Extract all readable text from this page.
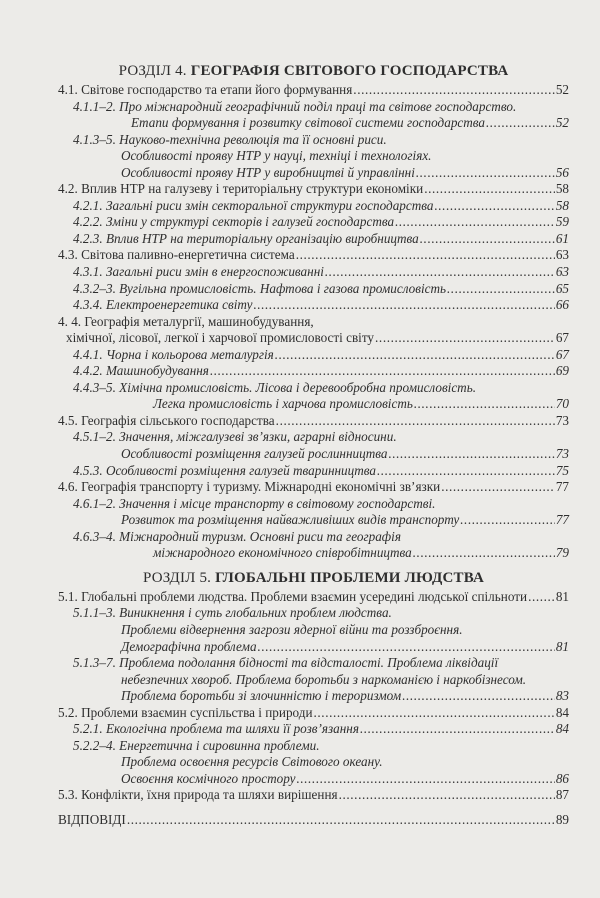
РОЗДІЛ 4. ГЕОГРАФІЯ СВІТОВОГО ГОСПОДАРСТВА
4.1. Світове господарство та етапи його формування .....	52
4.1.1–2. Про міжнародний географічний поділ праці та світове господарство.
Етапи формування і розвитку світової системи господарства .....	52
4.1.3–5. Науково-технічна революція та її основні риси.
Особливості прояву НТР у науці, техніці і технологіях.
Особливості прояву НТР у виробництві й управлінні .....	56
4.2. Вплив НТР на галузеву і територіальну структури економіки .....	58
4.2.1. Загальні риси змін секторальної структури господарства .....	58
4.2.2. Зміни у структурі секторів і галузей господарства .....	59
4.2.3. Вплив НТР на територіальну організацію виробництва .....	61
4.3. Світова паливно-енергетична система .....	63
4.3.1. Загальні риси змін в енергоспоживанні .....	63
4.3.2–3. Вугільна промисловість. Нафтова і газова промисловість .....	65
4.3.4. Електроенергетика світу .....	66
4. 4. Географія металургії, машинобудування,
хімічної, лісової, легкої і харчової промисловості світу .....	67
4.4.1. Чорна і кольорова металургія .....	67
4.4.2. Машинобудування .....	69
4.4.3–5. Хімічна промисловість. Лісова і деревообробна промисловість.
Легка промисловість і харчова промисловість .....	70
4.5. Географія сільського господарства .....	73
4.5.1–2. Значення, міжгалузеві зв’язки, аграрні відносини.
Особливості розміщення галузей рослинництва .....	73
4.5.3. Особливості розміщення галузей тваринництва .....	75
4.6. Географія транспорту і туризму. Міжнародні економічні зв’язки .....	77
4.6.1–2. Значення і місце транспорту в світовому господарстві.
Розвиток та розміщення найважливіших видів транспорту .....	77
4.6.3–4. Міжнародний туризм. Основні риси та географія
міжнародного економічного співробітництва .....	79
РОЗДІЛ 5. ГЛОБАЛЬНІ ПРОБЛЕМИ ЛЮДСТВА
5.1. Глобальні проблеми людства. Проблеми взаємин усередині людської спільноти ..... 81
5.1.1–3. Виникнення і суть глобальних проблем людства.
Проблеми відвернення загрози ядерної війни та роззброєння.
Демографічна проблема .....	81
5.1.3–7. Проблема подолання бідності та відсталості. Проблема ліквідації
небезпечних хвороб. Проблема боротьби з наркоманією і наркобізнесом.
Проблема боротьби зі злочинністю і тероризмом .....	83
5.2. Проблеми взаємин суспільства і природи .....	84
5.2.1. Екологічна проблема та шляхи її розв’язання .....	84
5.2.2–4. Енергетична і сировинна проблеми.
Проблема освоєння ресурсів Світового океану.
Освоєння космічного простору .....	86
5.3. Конфлікти, їхня природа та шляхи вирішення .....	87
ВІДПОВІДІ .....	89
